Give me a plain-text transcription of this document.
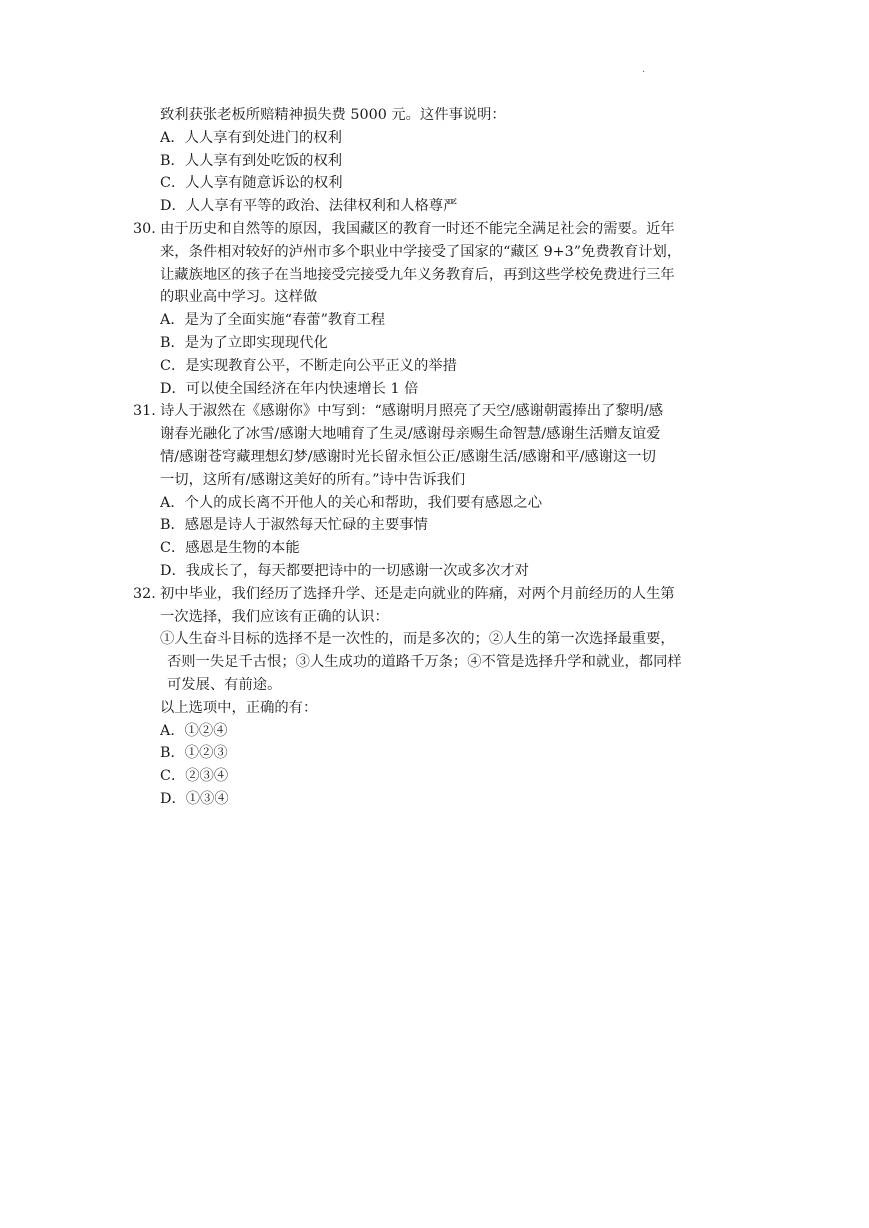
.
致利获张老板所赔精神损失费 5000 元。这件事说明：
A．人人享有到处进门的权利
B．人人享有到处吃饭的权利
C．人人享有随意诉讼的权利
D．人人享有平等的政治、法律权利和人格尊严
30. 由于历史和自然等的原因，我国藏区的教育一时还不能完全满足社会的需要。近年
来，条件相对较好的泸州市多个职业中学接受了国家的“藏区 9+3”免费教育计划，
让藏族地区的孩子在当地接受完接受九年义务教育后，再到这些学校免费进行三年
的职业高中学习。这样做
A．是为了全面实施“春蕾”教育工程
B．是为了立即实现现代化
C．是实现教育公平，不断走向公平正义的举措
D．可以使全国经济在年内快速增长 1 倍
31. 诗人于淑然在《感谢你》中写到：“感谢明月照亮了天空/感谢朝霞捧出了黎明/感
谢春光融化了冰雪/感谢大地哺育了生灵/感谢母亲赐生命智慧/感谢生活赠友谊爱
情/感谢苍穹藏理想幻梦/感谢时光长留永恒公正/感谢生活/感谢和平/感谢这一切
一切，这所有/感谢这美好的所有。”诗中告诉我们
A．个人的成长离不开他人的关心和帮助，我们要有感恩之心
B．感恩是诗人于淑然每天忙碌的主要事情
C．感恩是生物的本能
D．我成长了，每天都要把诗中的一切感谢一次或多次才对
32. 初中毕业，我们经历了选择升学、还是走向就业的阵痛，对两个月前经历的人生第
一次选择，我们应该有正确的认识：
①人生奋斗目标的选择不是一次性的，而是多次的；②人生的第一次选择最重要，
否则一失足千古恨；③人生成功的道路千万条；④不管是选择升学和就业，都同样
可发展、有前途。
以上选项中，正确的有：
A．①②④
B．①②③
C．②③④
D．①③④
